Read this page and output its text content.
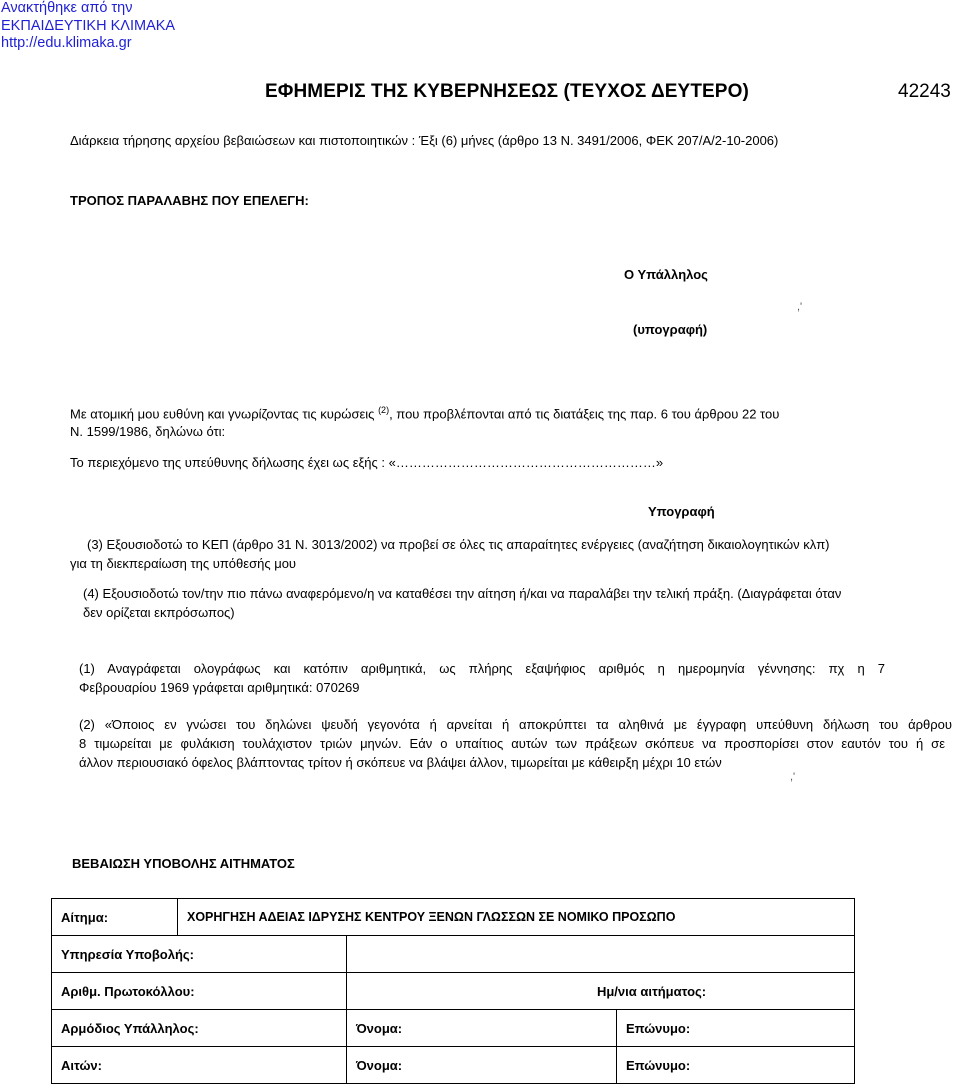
Ανακτήθηκε από την
ΕΚΠΑΙΔΕΥΤΙΚΗ ΚΛΙΜΑΚΑ
http://edu.klimaka.gr
ΕΦΗΜΕΡΙΣ ΤΗΣ ΚΥΒΕΡΝΗΣΕΩΣ (ΤΕΥΧΟΣ ΔΕΥΤΕΡΟ)	42243
Διάρκεια τήρησης αρχείου βεβαιώσεων και πιστοποιητικών : Έξι (6) μήνες (άρθρο 13 Ν. 3491/2006, ΦΕΚ 207/Α/2-10-2006)
ΤΡΟΠΟΣ ΠΑΡΑΛΑΒΗΣ ΠΟΥ ΕΠΕΛΕΓΗ:
Ο Υπάλληλος
(υπογραφή)
,'
Με ατομική μου ευθύνη και γνωρίζοντας τις κυρώσεις $^{(2)}$, που προβλέπονται από τις διατάξεις της παρ. 6 του άρθρου 22 του
Ν. 1599/1986, δηλώνω ότι:
Το περιεχόμενο της υπεύθυνης δήλωσης έχει ως εξής : «……………………………………………………»
Υπογραφή
(3) Εξουσιοδοτώ το ΚΕΠ (άρθρο 31 Ν. 3013/2002) να προβεί σε όλες τις απαραίτητες ενέργειες (αναζήτηση δικαιολογητικών κλπ)
για τη διεκπεραίωση της υπόθεσής μου
(4) Εξουσιοδοτώ τον/την πιο πάνω αναφερόμενο/η να καταθέσει την αίτηση ή/και να παραλάβει την τελική πράξη. (Διαγράφεται όταν
δεν ορίζεται εκπρόσωπος)
(1) Αναγράφεται ολογράφως και κατόπιν αριθμητικά, ως πλήρης εξαψήφιος αριθμός η ημερομηνία γέννησης: πχ η 7
Φεβρουαρίου 1969 γράφεται αριθμητικά: 070269
(2) «Όποιος εν γνώσει του δηλώνει ψευδή γεγονότα ή αρνείται ή αποκρύπτει τα αληθινά με έγγραφη υπεύθυνη δήλωση του άρθρου
8 τιμωρείται με φυλάκιση τουλάχιστον τριών μηνών. Εάν ο υπαίτιος αυτών των πράξεων σκόπευε να προσπορίσει στον εαυτόν του ή σε
άλλον περιουσιακό όφελος βλάπτοντας τρίτον ή σκόπευε να βλάψει άλλον, τιμωρείται με κάθειρξη μέχρι 10 ετών
,'
ΒΕΒΑΙΩΣΗ ΥΠΟΒΟΛΗΣ ΑΙΤΗΜΑΤΟΣ
Αίτημα:	ΧΟΡΗΓΗΣΗ ΑΔΕΙΑΣ ΙΔΡΥΣΗΣ ΚΕΝΤΡΟΥ ΞΕΝΩΝ ΓΛΩΣΣΩΝ ΣΕ ΝΟΜΙΚΟ ΠΡΟΣΩΠΟ		
Υπηρεσία Υποβολής:			
Αριθμ. Πρωτοκόλλου:		Ημ/νια αιτήματος:	
Αρμόδιος Υπάλληλος:		Όνομα:	Επώνυμο:
Αιτών:		Όνομα:	Επώνυμο:
